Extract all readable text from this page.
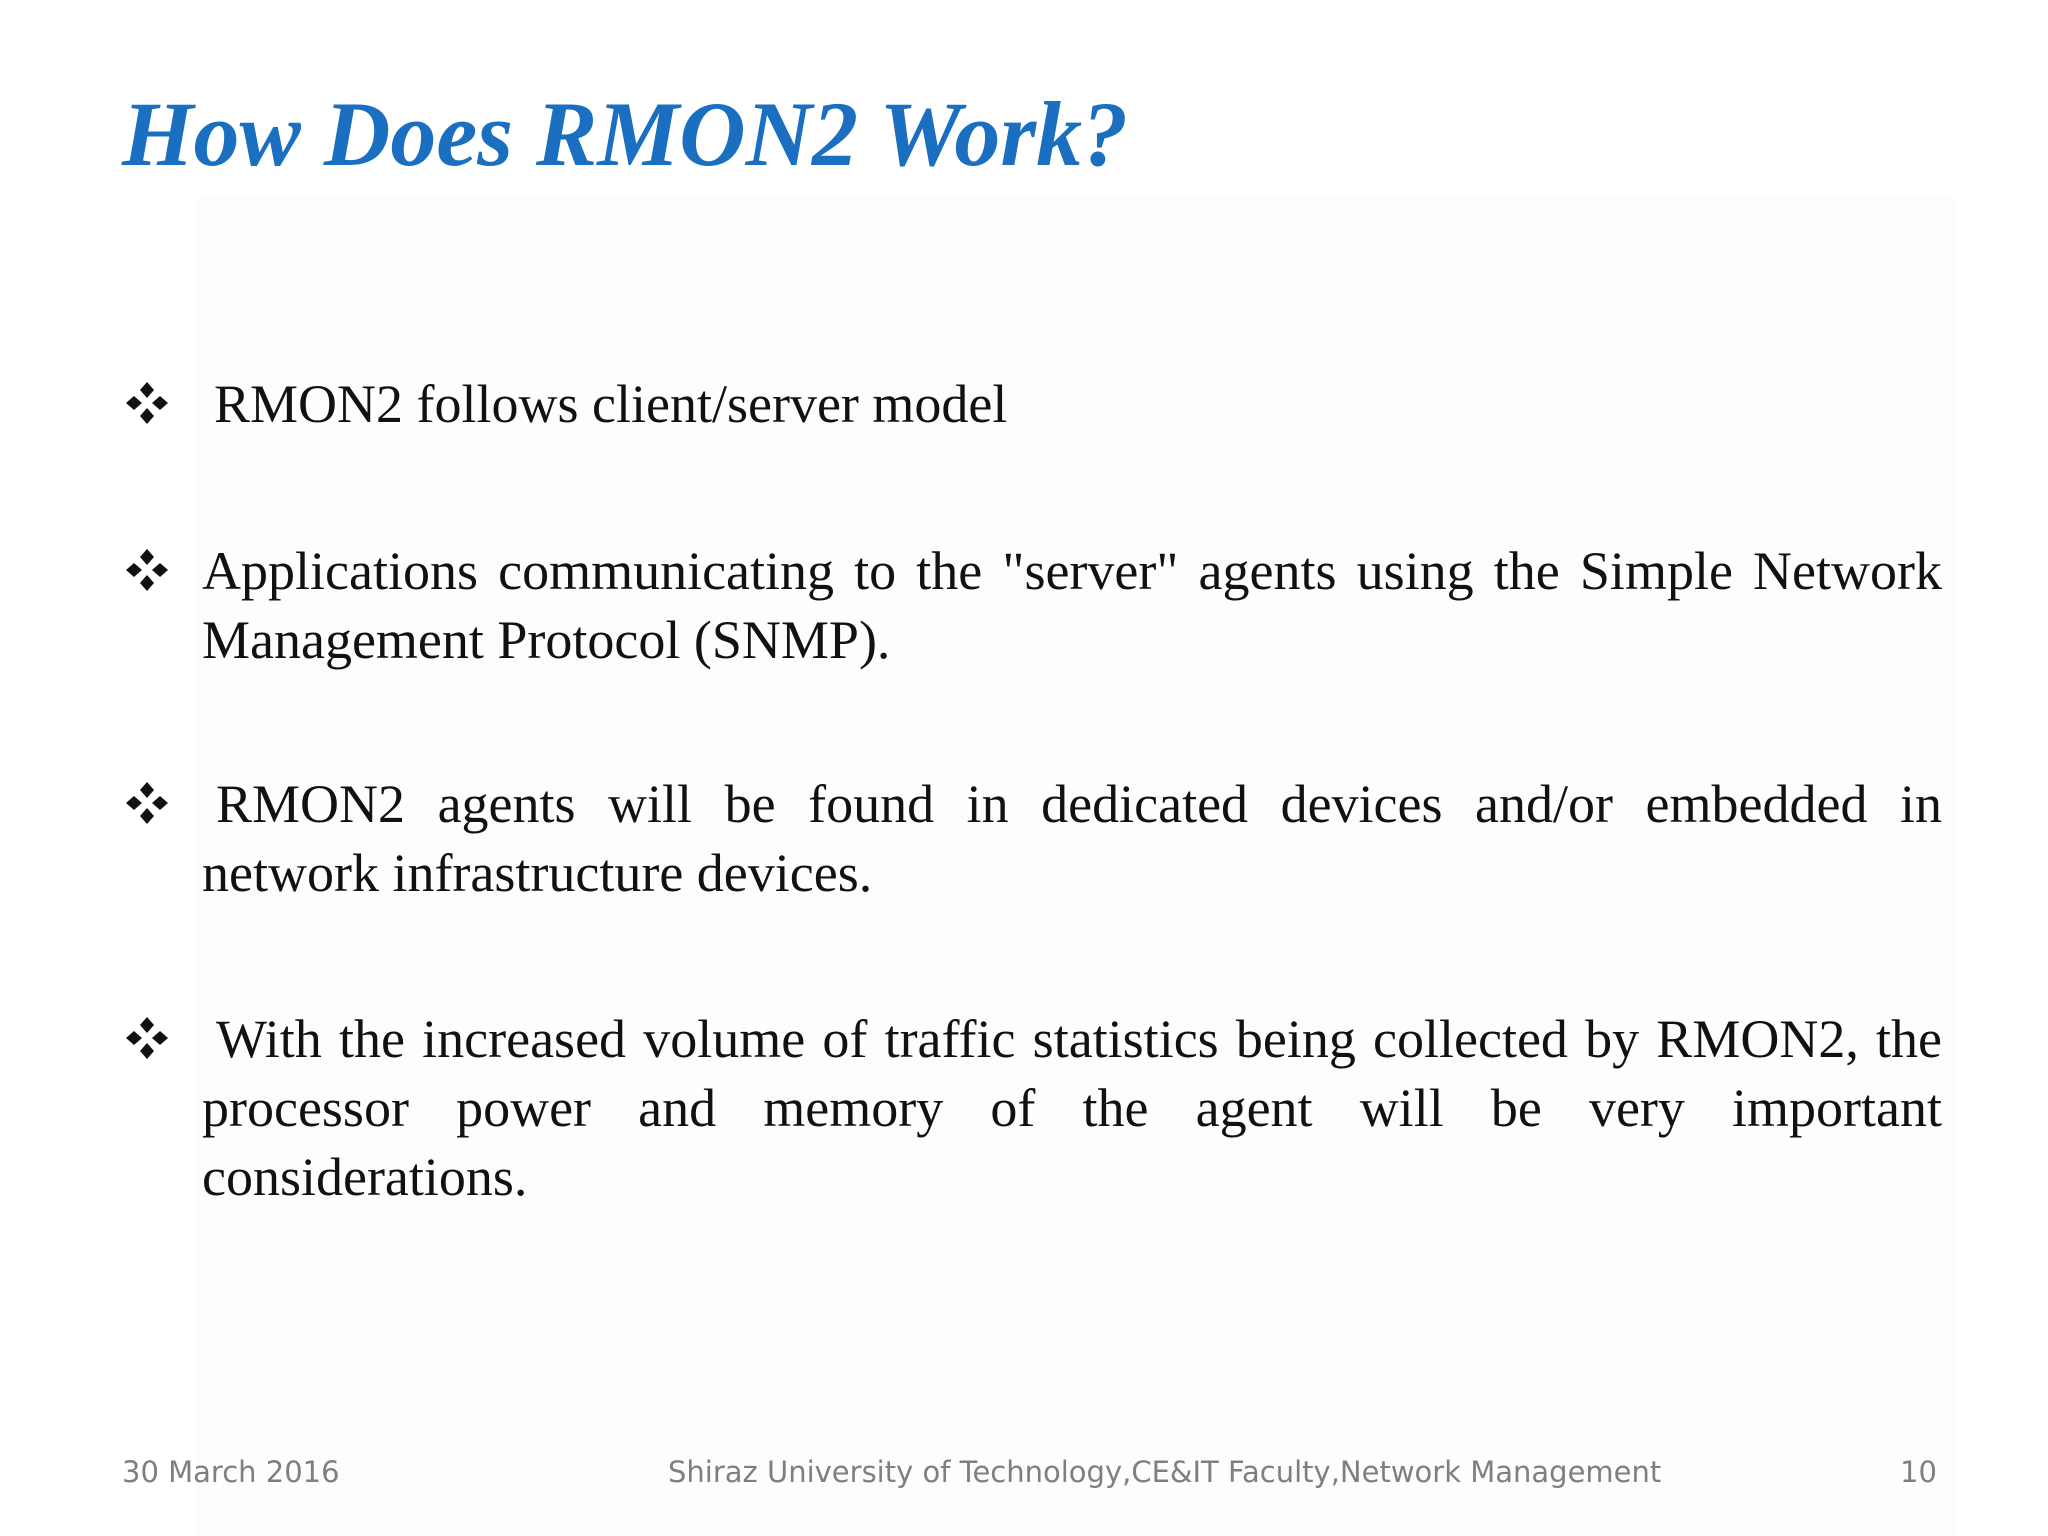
How Does RMON2 Work?

RMON2 follows client/server model

Applications communicating to the "server" agents using the Simple Network Management Protocol (SNMP).

RMON2 agents will be found in dedicated devices and/or embedded in network infrastructure devices.

With the increased volume of traffic statistics being collected by RMON2, the processor power and memory of the agent will be very important considerations.

30 March 2016	Shiraz University of Technology,CE&IT Faculty,Network Management	10
